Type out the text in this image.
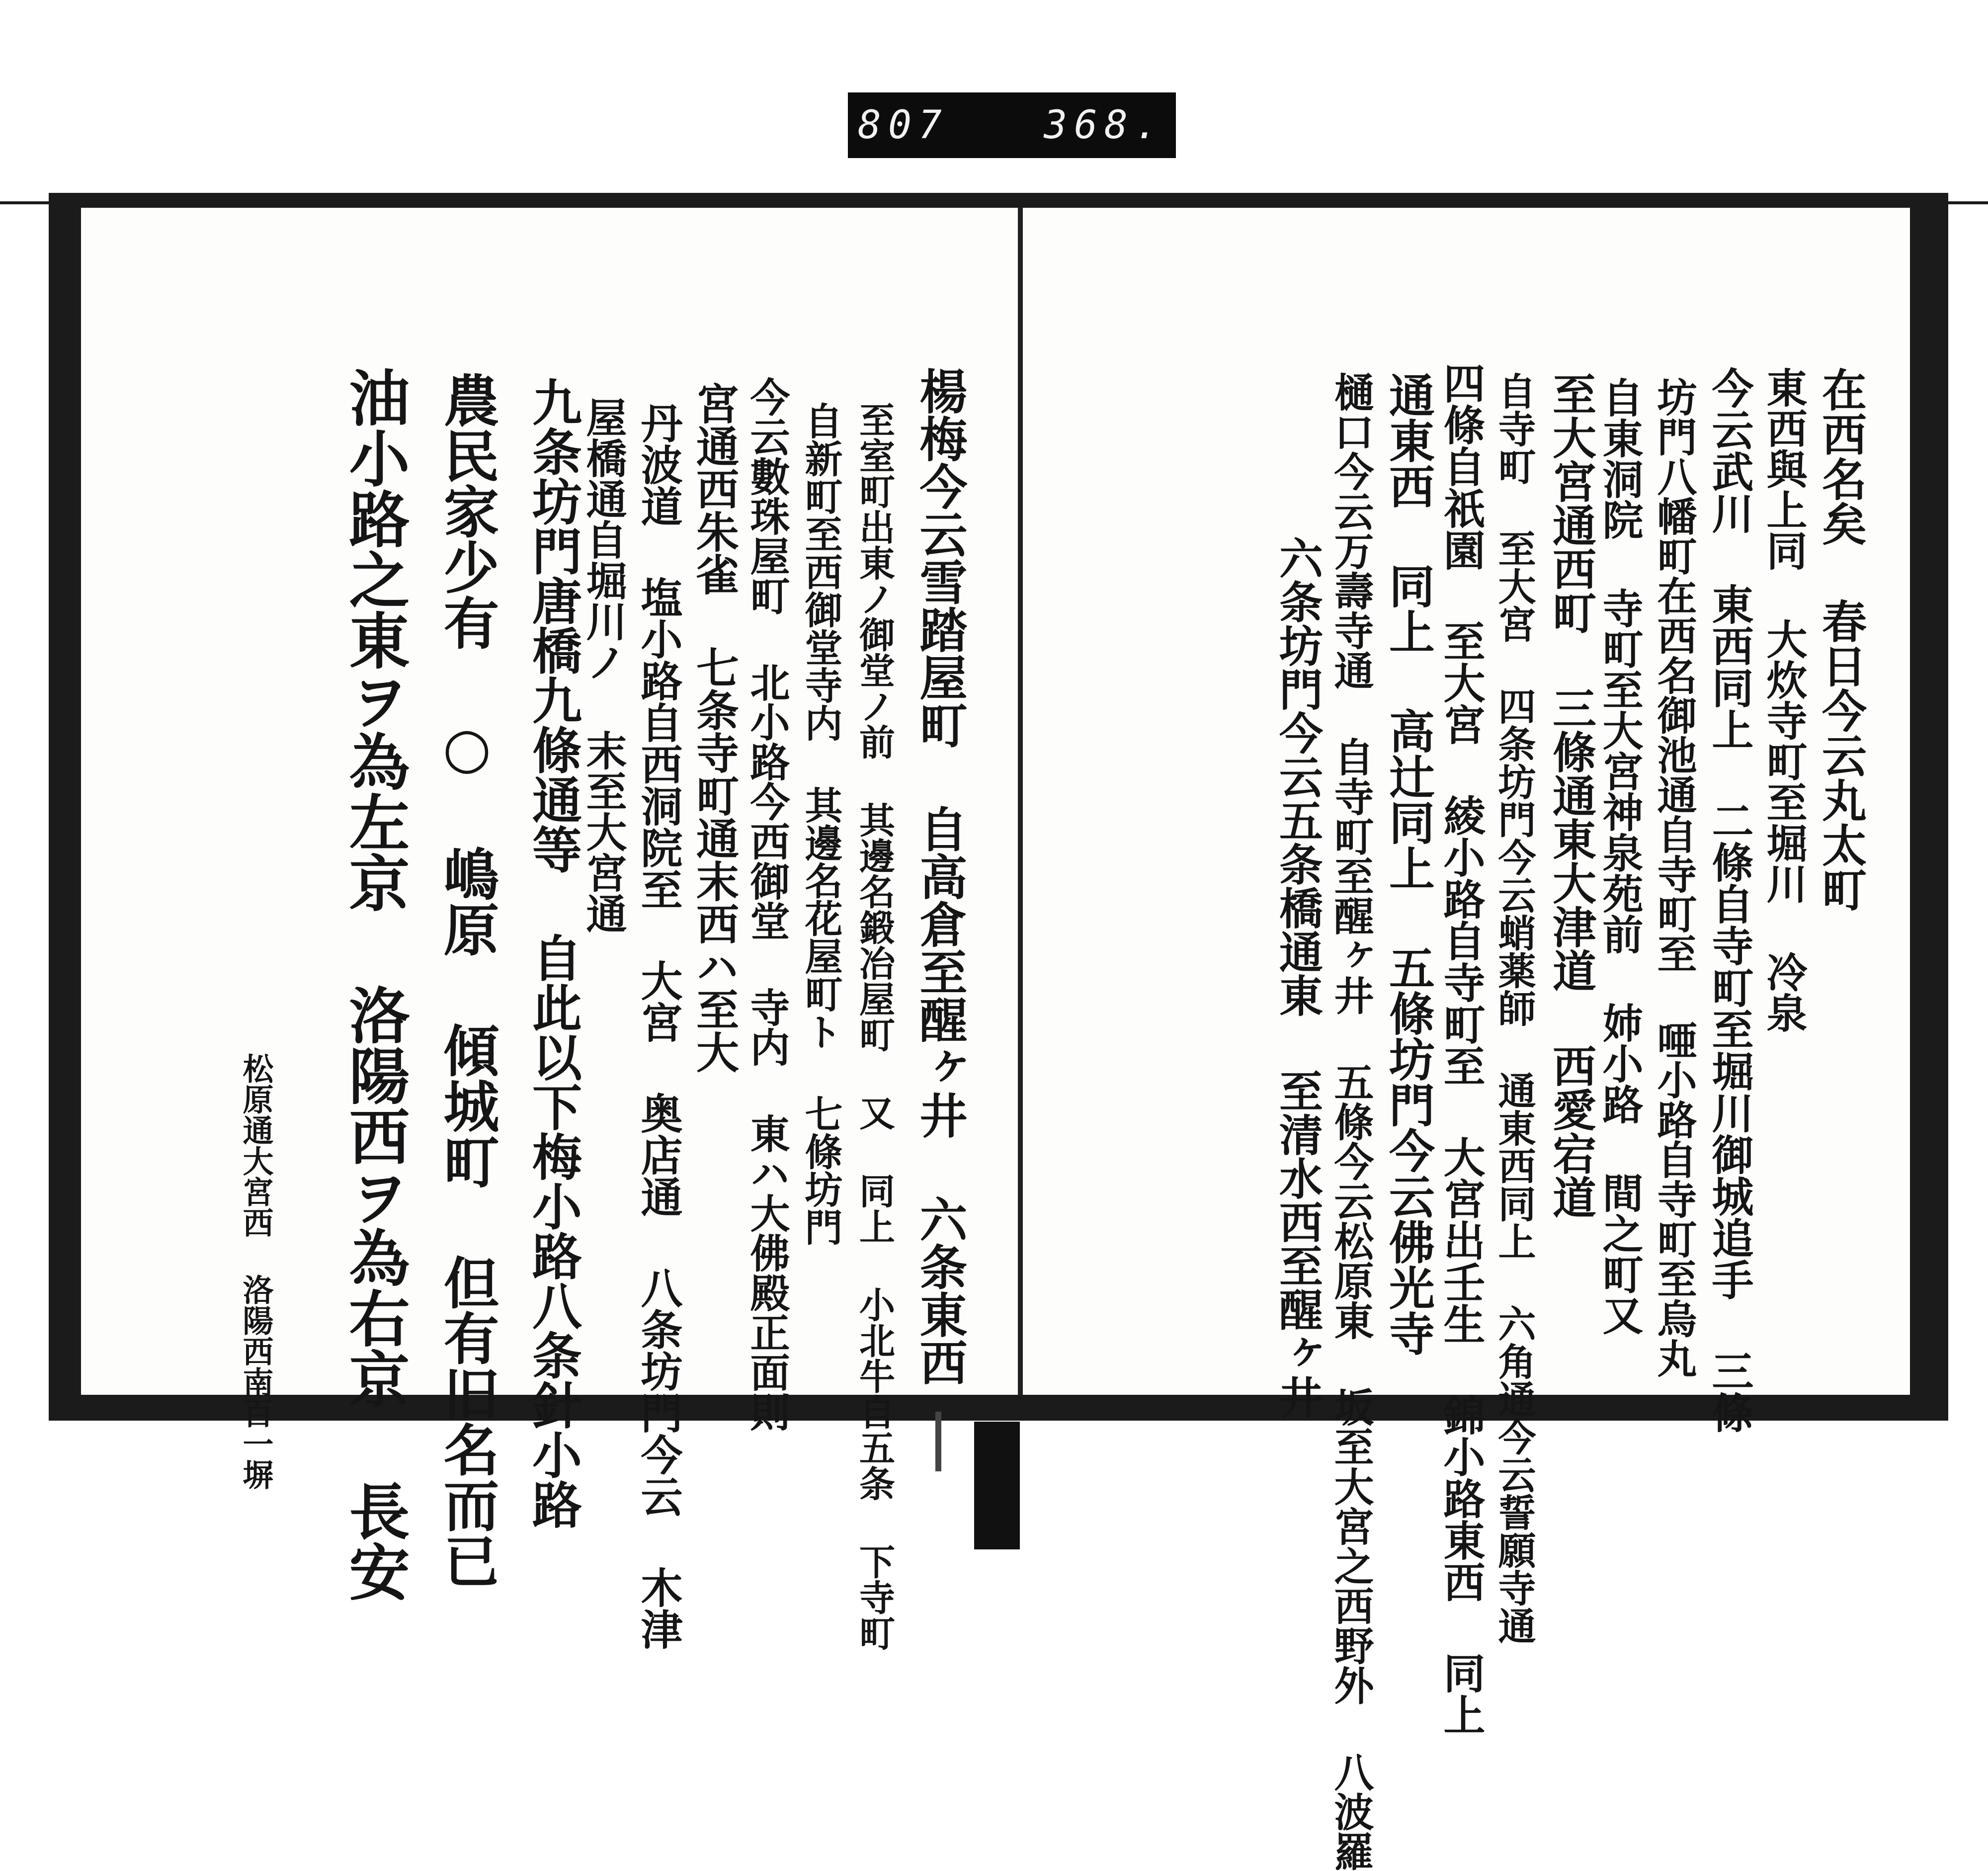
807 368.
楊梅今云雪踏屋町 自高倉至醒ヶ井 六条東西
至室町出東ノ御堂ノ前 其邊名鍛冶屋町 又 同上 小北牛自五条 下寺町
自新町至西御堂寺内 其邊名花屋町ト 七條坊門
今云數珠屋町 北小路今西御堂 寺内 東ハ大佛殿正面則
宮通西朱雀 七条寺町通末西ハ至大
丹波道 塩小路自西洞院至 大宮 奥店通 八条坊門今云 木津
屋橋通自堀川ノ 末至大宮通
九条坊門唐橋九條通等 自此以下梅小路八条針小路
農民家少有 ○ 嶋原 傾城町 但有旧名而已
油小路之東ヲ為左京 洛陽西ヲ為右京 長安
松原通大宮西 洛陽西南百一塀
在西名矣 春日今云丸太町
東西與上同 大炊寺町至堀川 冷泉
今云武川 東西同上 二條自寺町至堀川御城追手 三條
坊門八幡町在西名御池通自寺町至 唖小路自寺町至烏丸
自東洞院 寺町至大宮神泉苑前 姉小路 間之町又
至大宮通西町 三條通東大津道 西愛宕道
自寺町 至大宮 四条坊門今云蛸薬師 通東西同上 六角通今云誓願寺通
四條自祇園 至大宮 綾小路自寺町至 大宮出壬生 錦小路東西 同上
通東西 同上 高辻同上 五條坊門今云佛光寺
樋口今云万壽寺通 自寺町至醒ヶ井 五條今云松原東 坂至大宮之西野外 八波羅
六条坊門今云五条橋通東 至清水西至醒ヶ井
